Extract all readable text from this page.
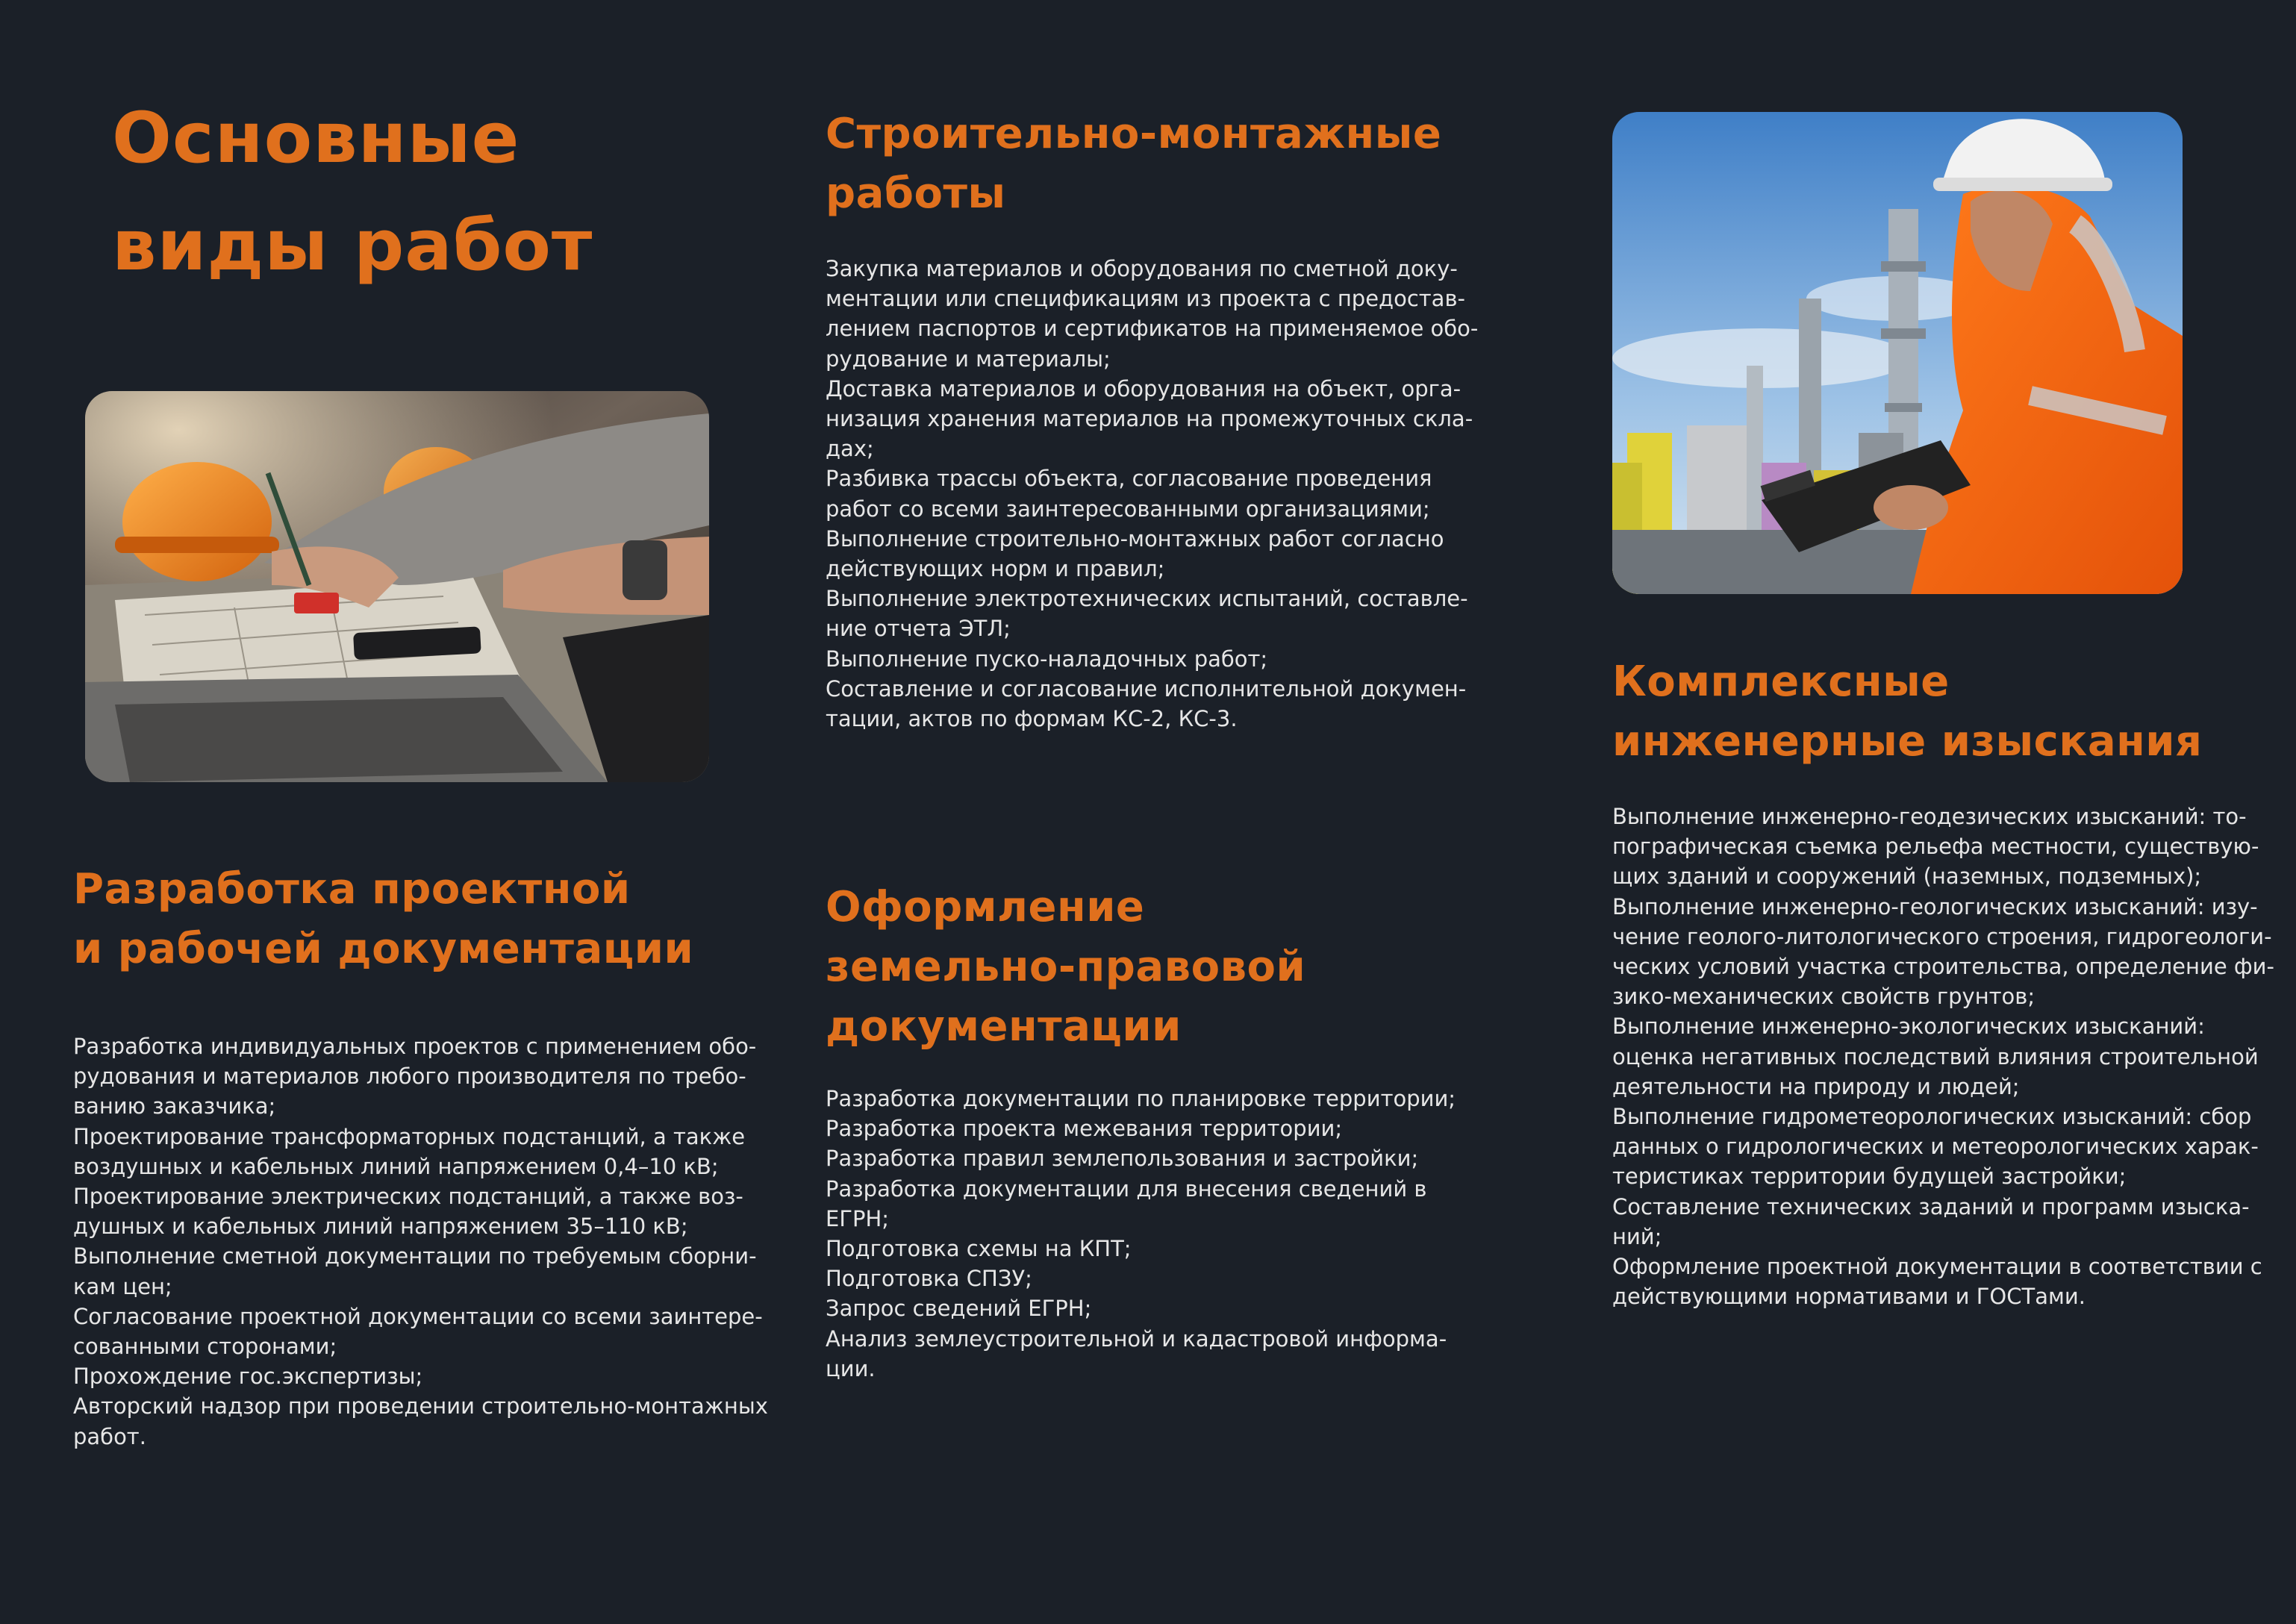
Основные
виды работ
Разработка проектной
и рабочей документации

Разработка индивидуальных проектов с применением обо-
рудования и материалов любого производителя по требо-
ванию заказчика;
Проектирование трансформаторных подстанций, а также
воздушных и кабельных линий напряжением 0,4–10 кВ;
Проектирование электрических подстанций, а также воз-
душных и кабельных линий напряжением 35–110 кВ;
Выполнение сметной документации по требуемым сборни-
кам цен;
Согласование проектной документации со всеми заинтере-
сованными сторонами;
Прохождение гос.экспертизы;
Авторский надзор при проведении строительно-монтажных
работ.

Строительно-монтажные
работы

Закупка материалов и оборудования по сметной доку-
ментации или спецификациям из проекта с предостав-
лением паспортов и сертификатов на применяемое обо-
рудование и материалы;
Доставка материалов и оборудования на объект, орга-
низация хранения материалов на промежуточных скла-
дах;
Разбивка трассы объекта, согласование проведения
работ со всеми заинтересованными организациями;
Выполнение строительно-монтажных работ согласно
действующих норм и правил;
Выполнение электротехнических испытаний, составле-
ние отчета ЭТЛ;
Выполнение пуско-наладочных работ;
Составление и согласование исполнительной докумен-
тации, актов по формам КС-2, КС-3.

Оформление
земельно-правовой
документации

Разработка документации по планировке территории;
Разработка проекта межевания территории;
Разработка правил землепользования и застройки;
Разработка документации для внесения сведений в
ЕГРН;
Подготовка схемы на КПТ;
Подготовка СПЗУ;
Запрос сведений ЕГРН;
Анализ землеустроительной и кадастровой информа-
ции.

Комплексные
инженерные изыскания

Выполнение инженерно-геодезических изысканий: то-
пографическая съемка рельефа местности, существую-
щих зданий и сооружений (наземных, подземных);
Выполнение инженерно-геологических изысканий: изу-
чение геолого-литологического строения, гидрогеологи-
ческих условий участка строительства, определение фи-
зико-механических свойств грунтов;
Выполнение инженерно-экологических изысканий:
оценка негативных последствий влияния строительной
деятельности на природу и людей;
Выполнение гидрометеорологических изысканий: сбор
данных о гидрологических и метеорологических харак-
теристиках территории будущей застройки;
Составление технических заданий и программ изыска-
ний;
Оформление проектной документации в соответствии с
действующими нормативами и ГОСТами.
